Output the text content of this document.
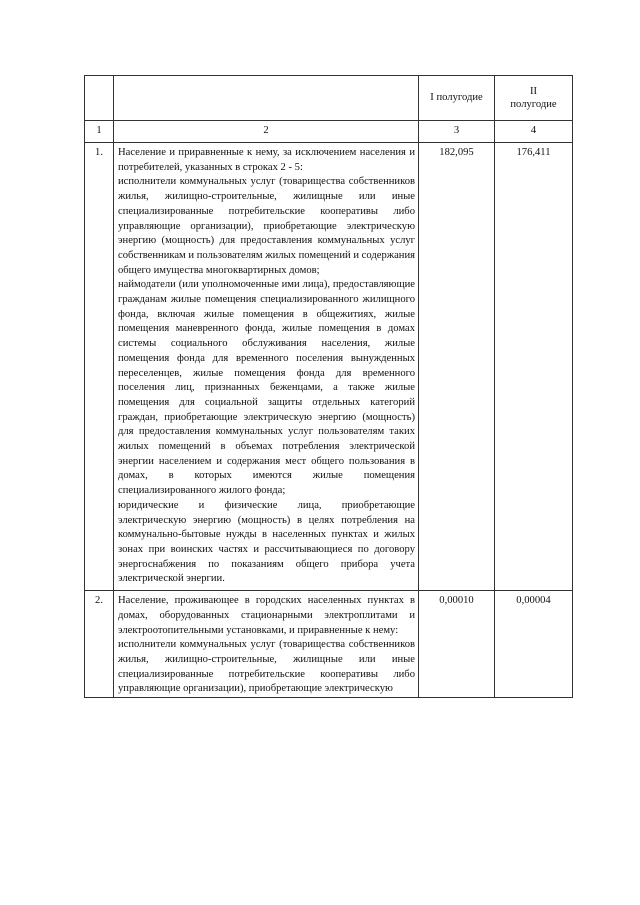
		I полугодие	II
полугодие
1	2	3	4
1.	Население и приравненные к нему, за исключением населения и потребителей, указанных в строках 2 - 5:

исполнители коммунальных услуг (товарищества собственников жилья, жилищно-строительные, жилищные или иные специализированные потребительские кооперативы либо управляющие организации), приобретающие электрическую энергию (мощность) для предоставления коммунальных услуг собственникам и пользователям жилых помещений и содержания общего имущества многоквартирных домов;

наймодатели (или уполномоченные ими лица), предоставляющие гражданам жилые помещения специализированного жилищного фонда, включая жилые помещения в общежитиях, жилые помещения маневренного фонда, жилые помещения в домах системы социального обслуживания населения, жилые помещения фонда для временного поселения вынужденных переселенцев, жилые помещения фонда для временного поселения лиц, признанных беженцами, а также жилые помещения для социальной защиты отдельных категорий граждан, приобретающие электрическую энергию (мощность) для предоставления коммунальных услуг пользователям таких жилых помещений в объемах потребления электрической энергии населением и содержания мест общего пользования в домах, в которых имеются жилые помещения специализированного жилого фонда;

юридические и физические лица, приобретающие электрическую энергию (мощность) в целях потребления на коммунально-бытовые нужды в населенных пунктах и жилых зонах при воинских частях и рассчитывающиеся по договору энергоснабжения по показаниям общего прибора учета электрической энергии.	182,095	176,411
2.	Население, проживающее в городских населенных пунктах в домах, оборудованных стационарными электроплитами и электроотопительными установками, и приравненные к нему:

исполнители коммунальных услуг (товарищества собственников жилья, жилищно-строительные, жилищные или иные специализированные потребительские кооперативы либо управляющие организации), приобретающие электрическую	0,00010	0,00004
